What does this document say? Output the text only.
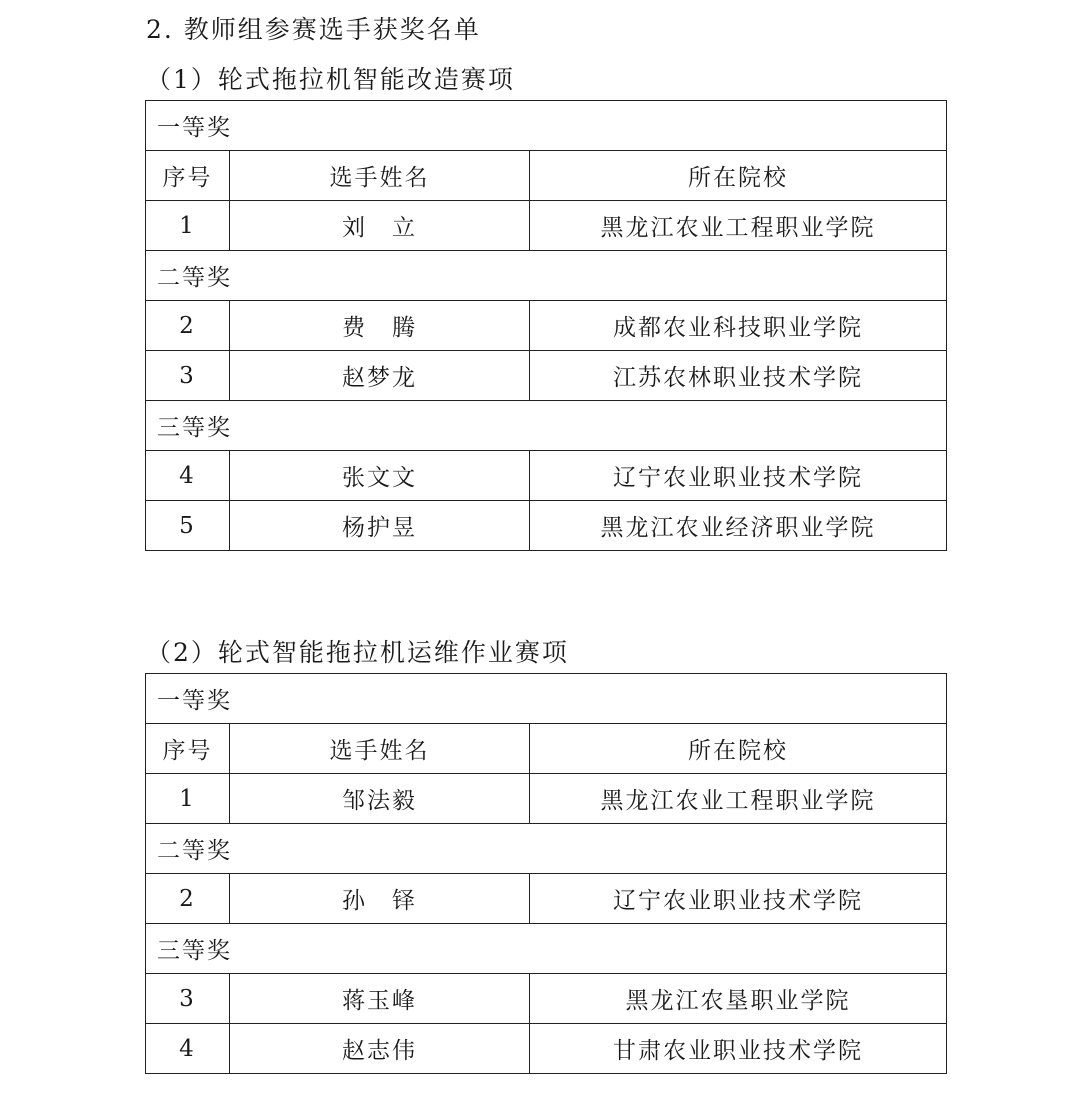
2. 教师组参赛选手获奖名单
（1）轮式拖拉机智能改造赛项
一等奖		
序号	选手姓名	所在院校
1	刘　立	黑龙江农业工程职业学院
二等奖		
2	费　腾	成都农业科技职业学院
3	赵梦龙	江苏农林职业技术学院
三等奖		
4	张文文	辽宁农业职业技术学院
5	杨护昱	黑龙江农业经济职业学院
（2）轮式智能拖拉机运维作业赛项
一等奖		
序号	选手姓名	所在院校
1	邹法毅	黑龙江农业工程职业学院
二等奖		
2	孙　铎	辽宁农业职业技术学院
三等奖		
3	蒋玉峰	黑龙江农垦职业学院
4	赵志伟	甘肃农业职业技术学院
